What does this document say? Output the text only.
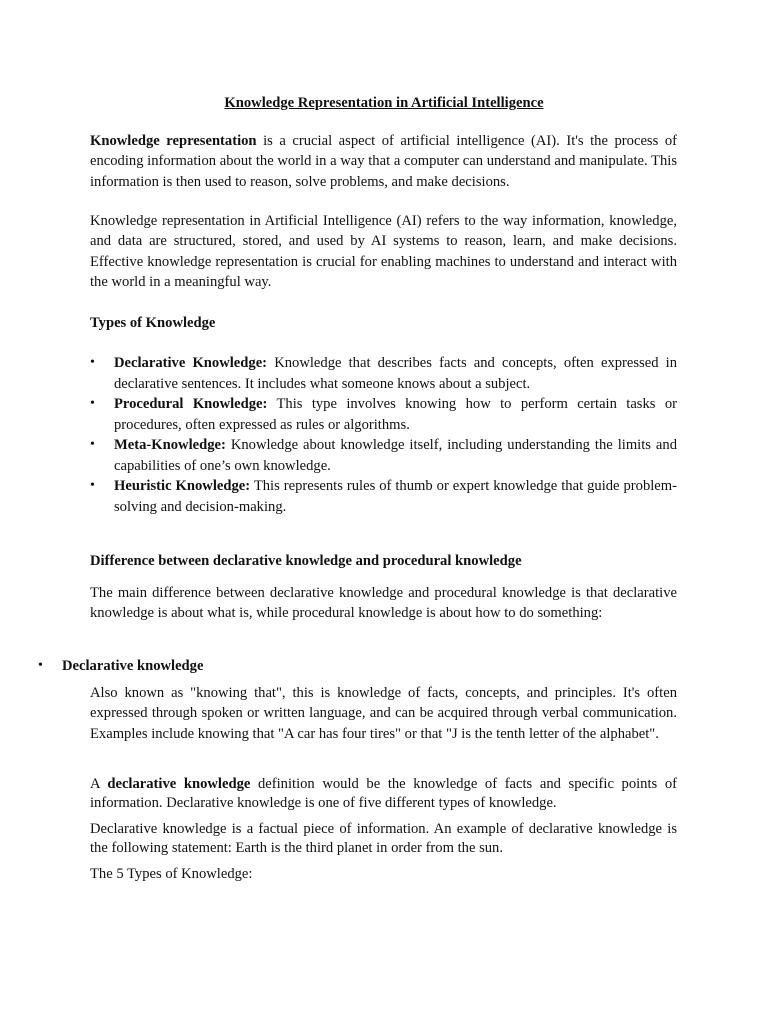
Knowledge Representation in Artificial Intelligence

Knowledge representation is a crucial aspect of artificial intelligence (AI). It's the process of encoding information about the world in a way that a computer can understand and manipulate. This information is then used to reason, solve problems, and make decisions.

Knowledge representation in Artificial Intelligence (AI) refers to the way information, knowledge, and data are structured, stored, and used by AI systems to reason, learn, and make decisions. Effective knowledge representation is crucial for enabling machines to understand and interact with the world in a meaningful way.

Types of Knowledge
• Declarative Knowledge: Knowledge that describes facts and concepts, often expressed in declarative sentences. It includes what someone knows about a subject.
• Procedural Knowledge: This type involves knowing how to perform certain tasks or procedures, often expressed as rules or algorithms.
• Meta-Knowledge: Knowledge about knowledge itself, including understanding the limits and capabilities of one’s own knowledge.
• Heuristic Knowledge: This represents rules of thumb or expert knowledge that guide problem-solving and decision-making.
Difference between declarative knowledge and procedural knowledge

The main difference between declarative knowledge and procedural knowledge is that declarative knowledge is about what is, while procedural knowledge is about how to do something:

• Declarative knowledge

Also known as "knowing that", this is knowledge of facts, concepts, and principles. It's often expressed through spoken or written language, and can be acquired through verbal communication. Examples include knowing that "A car has four tires" or that "J is the tenth letter of the alphabet".

A declarative knowledge definition would be the knowledge of facts and specific points of information. Declarative knowledge is one of five different types of knowledge.

Declarative knowledge is a factual piece of information. An example of declarative knowledge is the following statement: Earth is the third planet in order from the sun.

The 5 Types of Knowledge:
